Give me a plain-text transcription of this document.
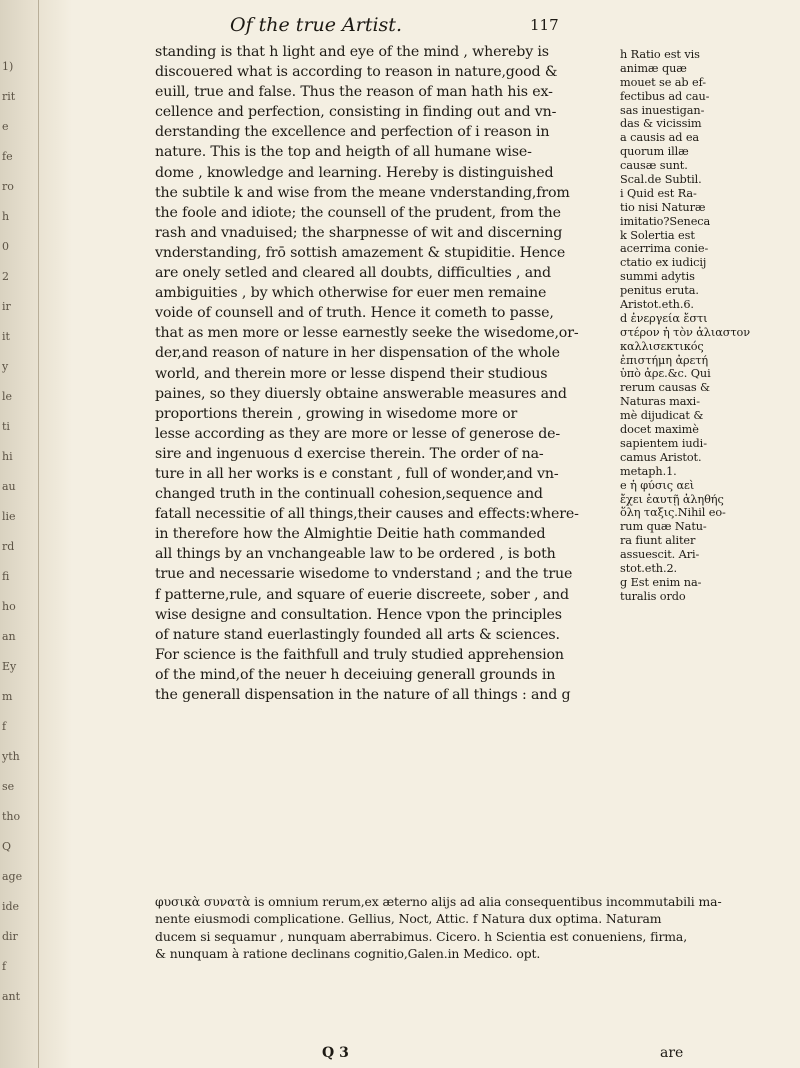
1)
rit
e
fe
ro
h
0
2
ir
it
y
le
ti
hi
au
lie
rd
fi
ho
an
Ey
m
f
yth
se
tho
Q
age
ide
dir
f
ant
Of the true Artist.	117
standing is that h light and eye of the mind , whereby is
discouered what is according to reason in nature,good &
euill, true and false. Thus the reason of man hath his ex-
cellence and perfection, consisting in finding out and vn-
derstanding the excellence and perfection of i reason in
nature. This is the top and heigth of all humane wise-
dome , knowledge and learning. Hereby is distinguished
the subtile k and wise from the meane vnderstanding,from
the foole and idiote; the counsell of the prudent, from the
rash and vnaduised; the sharpnesse of wit and discerning
vnderstanding, frō sottish amazement & stupiditie. Hence
are onely setled and cleared all doubts, difficulties , and
ambiguities , by which otherwise for euer men remaine
voide of counsell and of truth. Hence it cometh to passe,
that as men more or lesse earnestly seeke the wisedome,or-
der,and reason of nature in her dispensation of the whole
world, and therein more or lesse dispend their studious
paines, so they diuersly obtaine answerable measures and
proportions therein , growing in wisedome more or
lesse according as they are more or lesse of generose de-
sire and ingenuous d exercise therein. The order of na-
ture in all her works is e constant , full of wonder,and vn-
changed truth in the continuall cohesion,sequence and
fatall necessitie of all things,their causes and effects:where-
in therefore how the Almightie Deitie hath commanded
all things by an vnchangeable law to be ordered , is both
true and necessarie wisedome to vnderstand ; and the true
f patterne,rule, and square of euerie discreete, sober , and
wise designe and consultation. Hence vpon the principles
of nature stand euerlastingly founded all arts & sciences.
For science is the faithfull and truly studied apprehension
of the mind,of the neuer h deceiuing generall grounds in
the generall dispensation in the nature of all things : and g
h Ratio est vis
animæ quæ
mouet se ab ef-
fectibus ad cau-
sas inuestigan-
das & vicissim
a causis ad ea
quorum illæ
causæ sunt.
Scal.de Subtil.
i Quid est Ra-
tio nisi Naturæ
imitatio?Seneca
k Solertia est
acerrima conie-
ctatio ex iudicij
summi adytis
penitus eruta.
Aristot.eth.6.
d ἐνεργεία ἔστι
στέρον ἡ τὸν ἀλιαστον
καλλισεκτικός
ἐπιστήμη ἀρετή
ὑπὸ ἀρε.&c. Qui
rerum causas &
Naturas maxi-
mè dijudicat &
docet maximè
sapientem iudi-
camus Aristot.
metaph.1.
e ἡ φύσις αεὶ
ἔχει ἑαυτῇ ἀληθής
ὅλη ταξις.Nihil eo-
rum quæ Natu-
ra fiunt aliter
assuescit. Ari-
stot.eth.2.
g Est enim na-
turalis ordo
φυσικὰ συνατὰ is omnium rerum,ex æterno alijs ad alia consequentibus incommutabili ma-
nente eiusmodi complicatione. Gellius, Noct, Attic. f Natura dux optima. Naturam
ducem si sequamur , nunquam aberrabimus. Cicero. h Scientia est conueniens, firma,
& nunquam à ratione declinans cognitio,Galen.in Medico. opt.
Q 3	are
